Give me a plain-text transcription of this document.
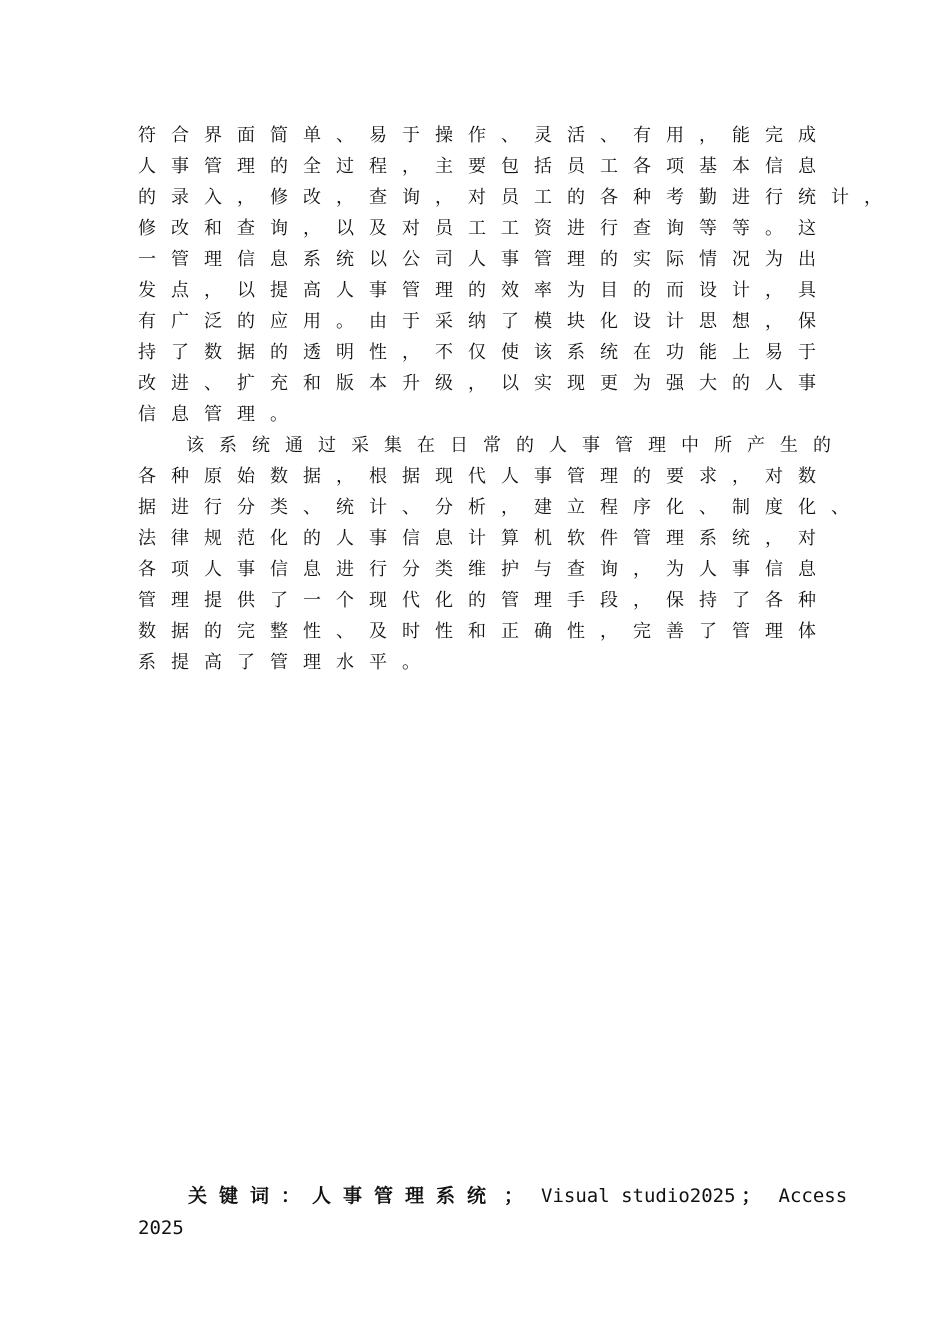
符合界面简单、易于操作、灵活、有用，能完成
人事管理的全过程，主要包括员工各项基本信息
的录入，修改，查询，对员工的各种考勤进行统计，
修改和查询，以及对员工工资进行查询等等。这
一管理信息系统以公司人事管理的实际情况为出
发点，以提高人事管理的效率为目的而设计，具
有广泛的应用。由于采纳了模块化设计思想，保
持了数据的透明性，不仅使该系统在功能上易于
改进、扩充和版本升级，以实现更为强大的人事
信息管理。
该系统通过采集在日常的人事管理中所产生的
各种原始数据，根据现代人事管理的要求，对数
据进行分类、统计、分析，建立程序化、制度化、
法律规范化的人事信息计算机软件管理系统，对
各项人事信息进行分类维护与查询，为人事信息
管理提供了一个现代化的管理手段，保持了各种
数据的完整性、及时性和正确性，完善了管理体
系提高了管理水平。
关键词：人事管理系统 ； Visual studio2025 ； Access
2025
